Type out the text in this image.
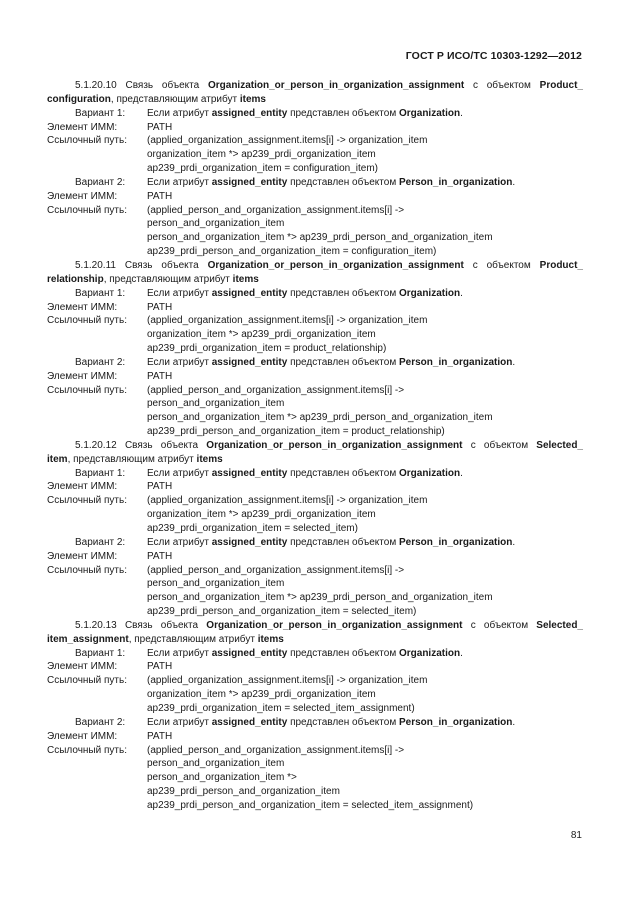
ГОСТ Р ИСО/ТС 10303-1292—2012
5.1.20.10 Связь объекта Organization_or_person_in_organization_assignment с объектом Product_
configuration, представляющим атрибут items
Вариант 1:	Если атрибут assigned_entity представлен объектом Organization.
Элемент ИММ:	PATH
Ссылочный путь:	(applied_organization_assignment.items[i] -> organization_item
organization_item *> ap239_prdi_organization_item
ap239_prdi_organization_item = configuration_item)
Вариант 2:	Если атрибут assigned_entity представлен объектом Person_in_organization.
Элемент ИММ:	PATH
Ссылочный путь:	(applied_person_and_organization_assignment.items[i] ->
person_and_organization_item
person_and_organization_item *> ap239_prdi_person_and_organization_item
ap239_prdi_person_and_organization_item = configuration_item)
5.1.20.11 Связь объекта Organization_or_person_in_organization_assignment с объектом Product_
relationship, представляющим атрибут items
Вариант 1:	Если атрибут assigned_entity представлен объектом Organization.
Элемент ИММ:	PATH
Ссылочный путь:	(applied_organization_assignment.items[i] -> organization_item
organization_item *> ap239_prdi_organization_item
ap239_prdi_organization_item = product_relationship)
Вариант 2:	Если атрибут assigned_entity представлен объектом Person_in_organization.
Элемент ИММ:	PATH
Ссылочный путь:	(applied_person_and_organization_assignment.items[i] ->
person_and_organization_item
person_and_organization_item *> ap239_prdi_person_and_organization_item
ap239_prdi_person_and_organization_item = product_relationship)
5.1.20.12 Связь объекта Organization_or_person_in_organization_assignment с объектом Selected_
item, представляющим атрибут items
Вариант 1:	Если атрибут assigned_entity представлен объектом Organization.
Элемент ИММ:	PATH
Ссылочный путь:	(applied_organization_assignment.items[i] -> organization_item
organization_item *> ap239_prdi_organization_item
ap239_prdi_organization_item = selected_item)
Вариант 2:	Если атрибут assigned_entity представлен объектом Person_in_organization.
Элемент ИММ:	PATH
Ссылочный путь:	(applied_person_and_organization_assignment.items[i] ->
person_and_organization_item
person_and_organization_item *> ap239_prdi_person_and_organization_item
ap239_prdi_person_and_organization_item = selected_item)
5.1.20.13 Связь объекта Organization_or_person_in_organization_assignment с объектом Selected_
item_assignment, представляющим атрибут items
Вариант 1:	Если атрибут assigned_entity представлен объектом Organization.
Элемент ИММ:	PATH
Ссылочный путь:	(applied_organization_assignment.items[i] -> organization_item
organization_item *> ap239_prdi_organization_item
ap239_prdi_organization_item = selected_item_assignment)
Вариант 2:	Если атрибут assigned_entity представлен объектом Person_in_organization.
Элемент ИММ:	PATH
Ссылочный путь:	(applied_person_and_organization_assignment.items[i] ->
person_and_organization_item
person_and_organization_item *>
ap239_prdi_person_and_organization_item
ap239_prdi_person_and_organization_item = selected_item_assignment)
81
